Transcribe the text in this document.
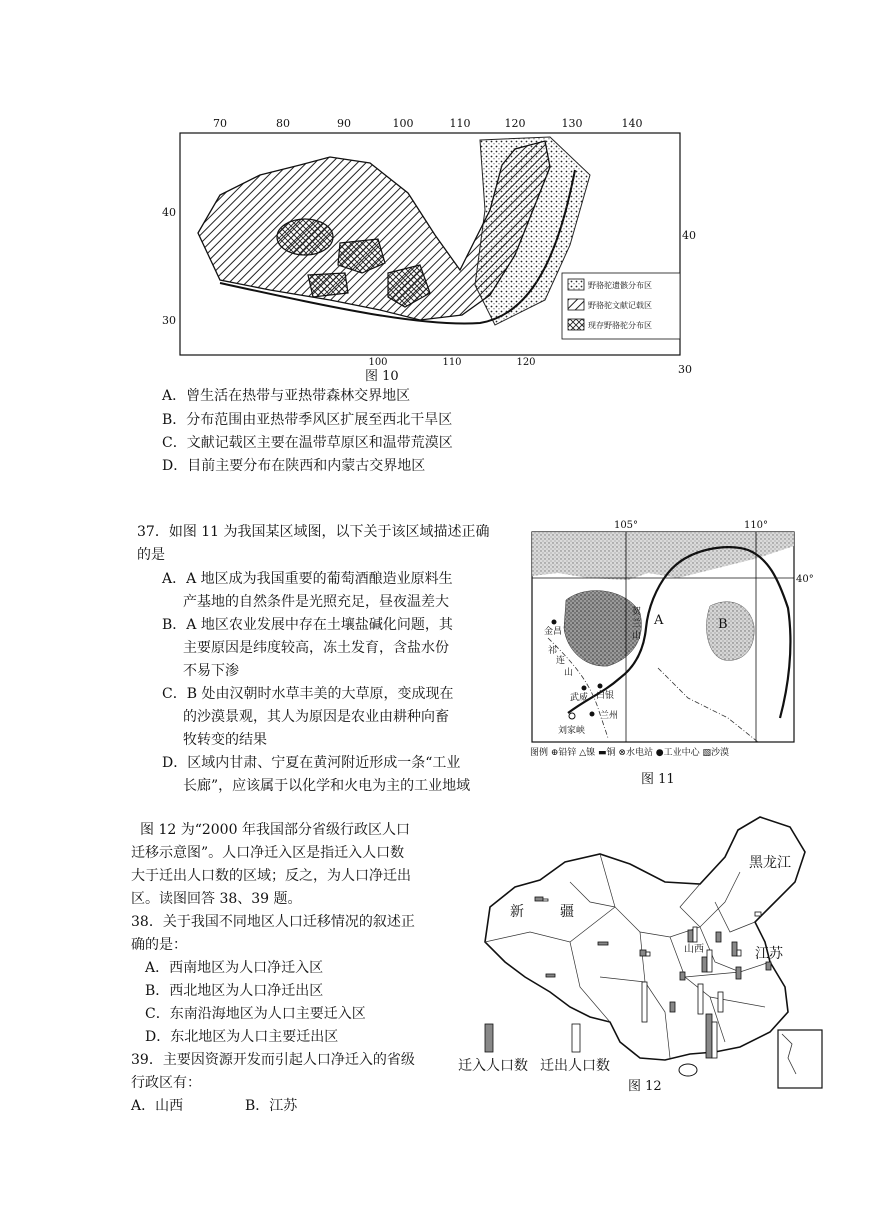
70	80	90	100	110	120	130	140
100	110	120
40
30
40
30
野骆驼遗骸分布区
野骆驼文献记载区
现存野骆驼分布区
图 10
A．曾生活在热带与亚热带森林交界地区
B．分布范围由亚热带季风区扩展至西北干旱区
C．文献记载区主要在温带草原区和温带荒漠区
D．目前主要分布在陕西和内蒙古交界地区
37．如图 11 为我国某区域图，以下关于该区域描述正确
的是
A．A 地区成为我国重要的葡萄酒酿造业原料生
产基地的自然条件是光照充足，昼夜温差大
B．A 地区农业发展中存在土壤盐碱化问题，其
主要原因是纬度较高，冻土发育，含盐水份
不易下渗
C．B 处由汉朝时水草丰美的大草原，变成现在
的沙漠景观，其人为原因是农业由耕种向畜
牧转变的结果
D．区域内甘肃、宁夏在黄河附近形成一条“工业
长廊”，应该属于以化学和火电为主的工业地域
105°	110°
40°
金昌
祁
连
山
武威 白银
兰州
刘家峡
贺
兰
山
A	B
图例 ⊕铅锌 △镍 ▬铜 ⊗水电站 ●工业中心 ▧沙漠
图 11
图 12 为“2000 年我国部分省级行政区人口
迁移示意图”。人口净迁入区是指迁入人口数
大于迁出人口数的区域；反之，为人口净迁出
区。读图回答 38、39 题。
38．关于我国不同地区人口迁移情况的叙述正
确的是：
A．西南地区为人口净迁入区
B．西北地区为人口净迁出区
C．东南沿海地区为人口主要迁入区
D．东北地区为人口主要迁出区
39．主要因资源开发而引起人口净迁入的省级
行政区有：
A．山西	B．江苏
黑龙江
新	疆
山西	江苏
迁入人口数 迁出人口数
图 12
